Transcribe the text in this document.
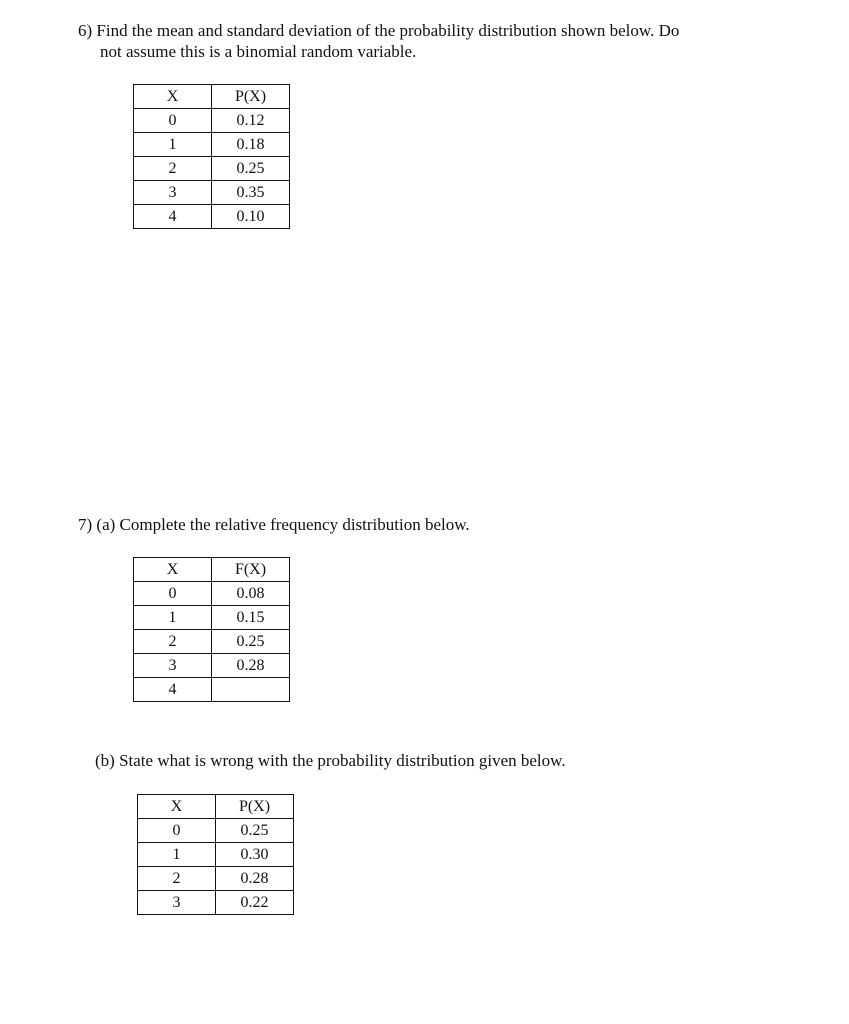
6) Find the mean and standard deviation of the probability distribution shown below. Do

not assume this is a binomial random variable.

X	P(X)
0	0.12
1	0.18
2	0.25
3	0.35
4	0.10

7) (a) Complete the relative frequency distribution below.

X	F(X)
0	0.08
1	0.15
2	0.25
3	0.28
4	

(b) State what is wrong with the probability distribution given below.

X	P(X)
0	0.25
1	0.30
2	0.28
3	0.22
